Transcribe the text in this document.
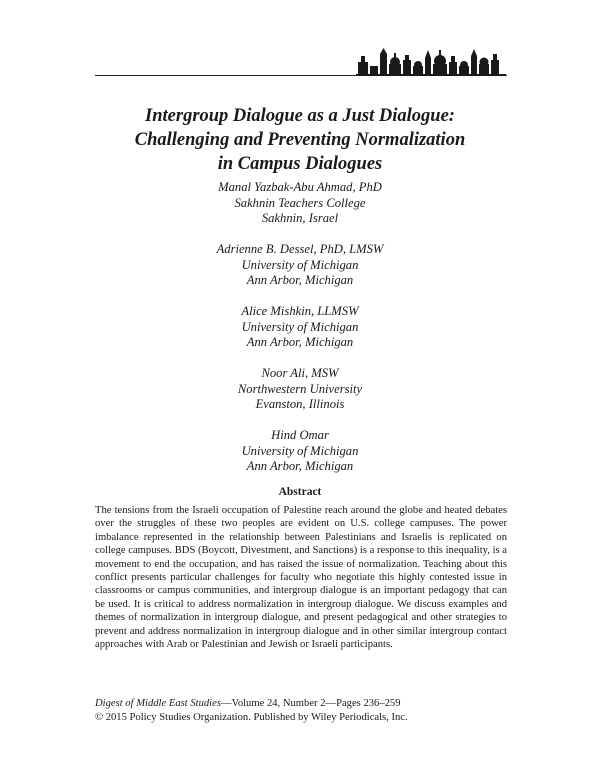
Intergroup Dialogue as a Just Dialogue:
Challenging and Preventing Normalization
in Campus Dialogues
Manal Yazbak-Abu Ahmad, PhD
Sakhnin Teachers College
Sakhnin, Israel
Adrienne B. Dessel, PhD, LMSW
University of Michigan
Ann Arbor, Michigan
Alice Mishkin, LLMSW
University of Michigan
Ann Arbor, Michigan
Noor Ali, MSW
Northwestern University
Evanston, Illinois
Hind Omar
University of Michigan
Ann Arbor, Michigan
Abstract
The tensions from the Israeli occupation of Palestine reach around the globe and heated debates over the struggles of these two peoples are evident on U.S. college campuses. The power imbalance represented in the relationship between Palestinians and Israelis is replicated on college campuses. BDS (Boycott, Divestment, and Sanctions) is a response to this inequality, is a movement to end the occupation, and has raised the issue of normalization. Teaching about this conflict presents particular challenges for faculty who negotiate this highly contested issue in classrooms or campus communities, and intergroup dialogue is an important pedagogy that can be used. It is critical to address normalization in intergroup dialogue. We discuss examples and themes of normalization in intergroup dialogue, and present pedagogical and other strategies to prevent and address normalization in intergroup dialogue and in other similar intergroup contact approaches with Arab or Palestinian and Jewish or Israeli participants.
Digest of Middle East Studies—Volume 24, Number 2—Pages 236–259
© 2015 Policy Studies Organization. Published by Wiley Periodicals, Inc.
